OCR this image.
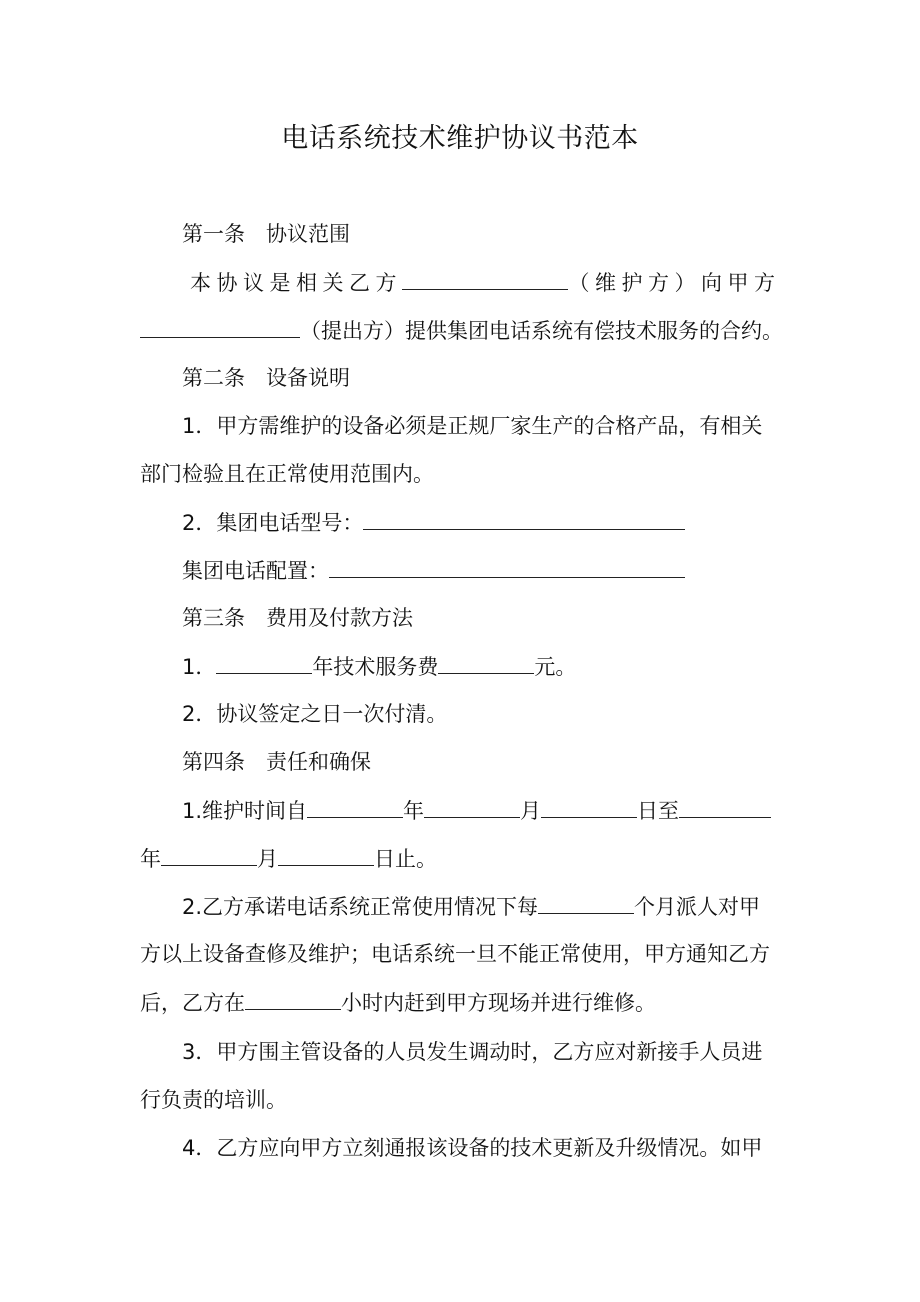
电话系统技术维护协议书范本

第一条　协议范围

本协议是相关乙方	（维护方）向甲方

（提出方）提供集团电话系统有偿技术服务的合约。

第二条　设备说明

1．甲方需维护的设备必须是正规厂家生产的合格产品，有相关

部门检验且在正常使用范围内。

2．集团电话型号：

集团电话配置：

第三条　费用及付款方法

1．	年技术服务费	元。

2．协议签定之日一次付清。

第四条　责任和确保

1.维护时间自	年	月	日至

年	月	日止。

2.乙方承诺电话系统正常使用情况下每	个月派人对甲

方以上设备查修及维护；电话系统一旦不能正常使用，甲方通知乙方

后，乙方在	小时内赶到甲方现场并进行维修。

3．甲方围主管设备的人员发生调动时，乙方应对新接手人员进

行负责的培训。

4．乙方应向甲方立刻通报该设备的技术更新及升级情况。如甲
